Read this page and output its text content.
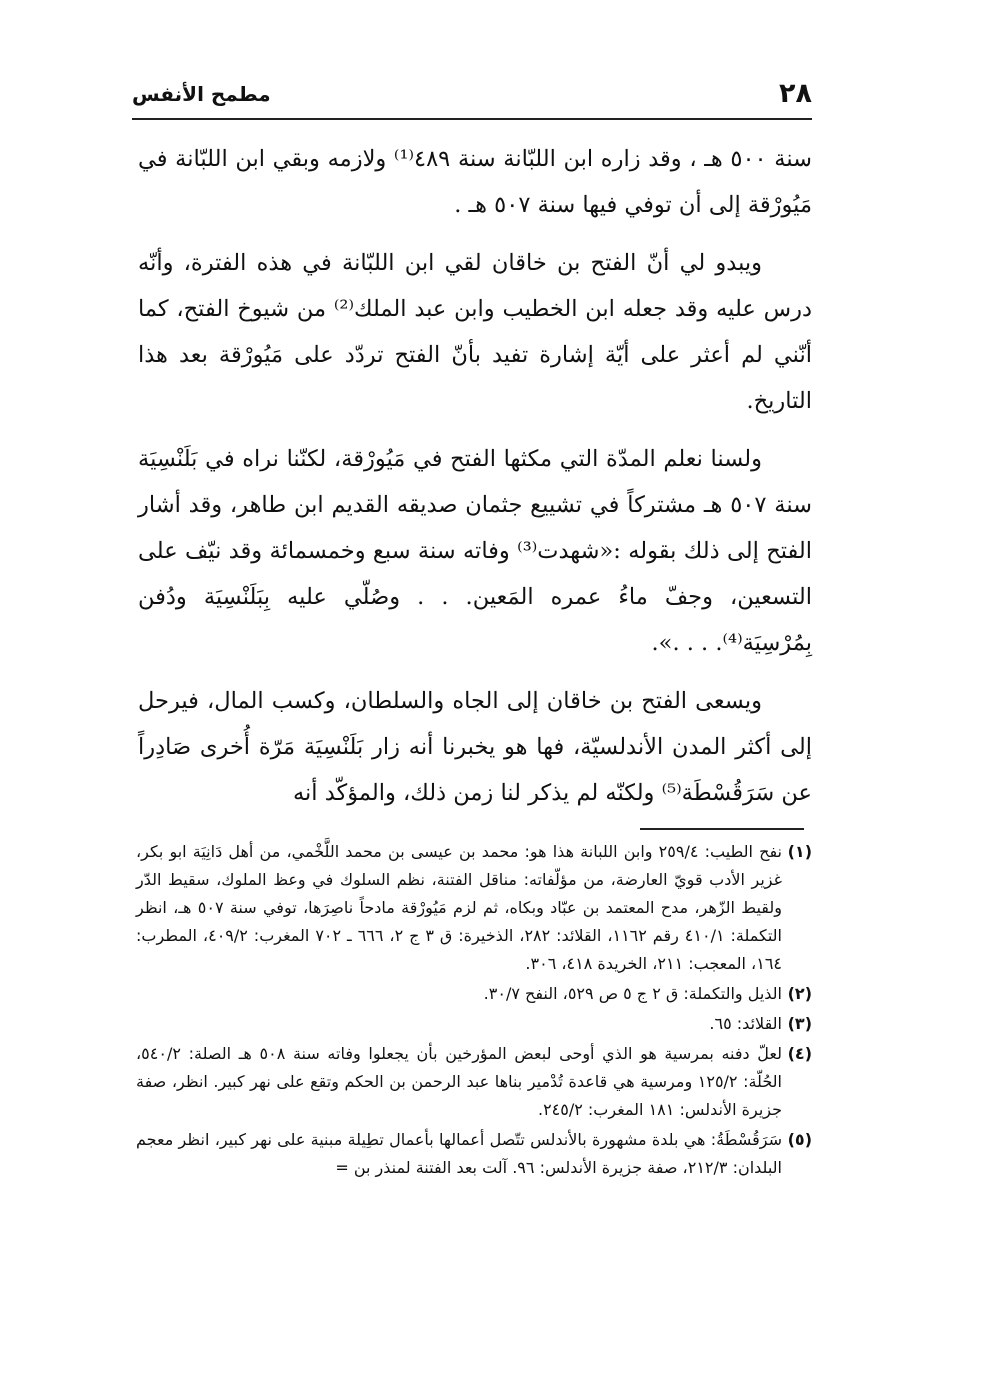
٢٨
مطمح الأنفس

سنة ٥٠٠ هـ ، وقد زاره ابن اللبّانة سنة ٤٨٩⁽¹⁾ ولازمه وبقي ابن اللبّانة في مَيُورْقة إلى أن توفي فيها سنة ٥٠٧ هـ .

ويبدو لي أنّ الفتح بن خاقان لقي ابن اللبّانة في هذه الفترة، وأنّه درس عليه وقد جعله ابن الخطيب وابن عبد الملك⁽²⁾ من شيوخ الفتح، كما أنّني لم أعثر على أيّة إشارة تفيد بأنّ الفتح تردّد على مَيُورْقة بعد هذا التاريخ.

ولسنا نعلم المدّة التي مكثها الفتح في مَيُورْقة، لكنّنا نراه في بَلَنْسِيَة سنة ٥٠٧ هـ مشتركاً في تشييع جثمان صديقه القديم ابن طاهر، وقد أشار الفتح إلى ذلك بقوله :«شهدت⁽³⁾ وفاته سنة سبع وخمسمائة وقد نيّف على التسعين، وجفّ ماءُ عمره المَعين. . . وصُلّي عليه بِبَلَنْسِيَة ودُفن بِمُرْسِيَة⁽⁴⁾. . . .».

ويسعى الفتح بن خاقان إلى الجاه والسلطان، وكسب المال، فيرحل إلى أكثر المدن الأندلسيّة، فها هو يخبرنا أنه زار بَلَنْسِيَة مَرّة أُخرى صَادِراً عن سَرَقُسْطَة⁽⁵⁾ ولكنّه لم يذكر لنا زمن ذلك، والمؤكّد أنه

(١)
نفح الطيب: ٢٥٩/٤ وابن اللبانة هذا هو: محمد بن عيسى بن محمد اللَّخْمي، من أهل دَانِيَة ابو بكر، غزير الأدب قويّ العارضة، من مؤلّفاته: مناقل الفتنة، نظم السلوك في وعظ الملوك، سقيط الدّر ولقيط الزّهر، مدح المعتمد بن عبّاد وبكاه، ثم لزم مَيُورْقة مادحاً ناصِرَها، توفي سنة ٥٠٧ هـ، انظر التكملة: ٤١٠/١ رقم ١١٦٢، القلائد: ٢٨٢، الذخيرة: ق ٣ ج ٢، ٦٦٦ ـ ٧٠٢ المغرب: ٤٠٩/٢، المطرب: ١٦٤، المعجب: ٢١١، الخريدة ٤١٨، ٣٠٦.
(٢)
الذيل والتكملة: ق ٢ ج ٥ ص ٥٢٩، النفح ٣٠/٧.
(٣)
القلائد: ٦٥.
(٤)
لعلّ دفنه بمرسية هو الذي أوحى لبعض المؤرخين بأن يجعلوا وفاته سنة ٥٠٨ هـ الصلة: ٥٤٠/٢، الحُلّة: ١٢٥/٢ ومرسية هي قاعدة تُدْمير بناها عبد الرحمن بن الحكم وتقع على نهر كبير. انظر، صفة جزيرة الأندلس: ١٨١ المغرب: ٢٤٥/٢.
(٥)
سَرَقُسْطَةُ: هي بلدة مشهورة بالأندلس تتّصل أعمالها بأعمال تطِيلة مبنية على نهر كبير، انظر معجم البلدان: ٢١٢/٣، صفة جزيرة الأندلس: ٩٦. آلت بعد الفتنة لمنذر بن =
